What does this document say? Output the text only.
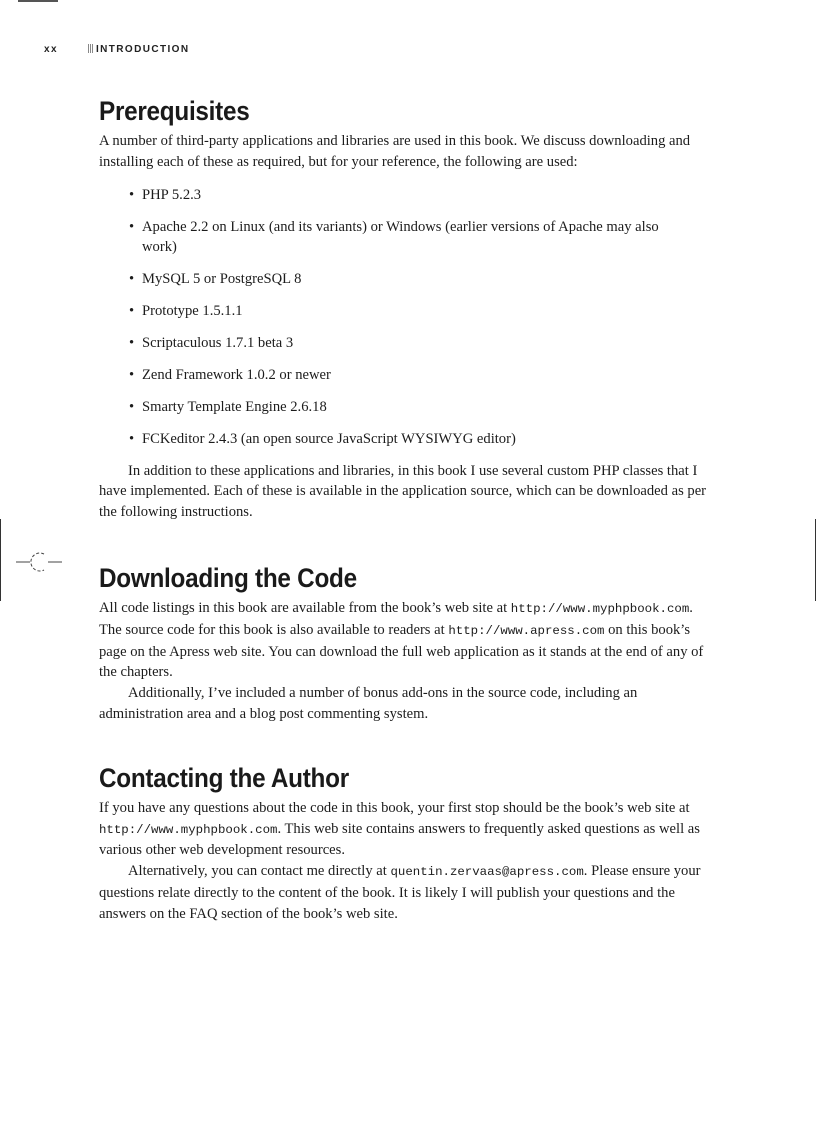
xx	INTRODUCTION
Prerequisites

A number of third-party applications and libraries are used in this book. We discuss downloading and installing each of these as required, but for your reference, the following are used:

• PHP 5.2.3
• Apache 2.2 on Linux (and its variants) or Windows (earlier versions of Apache may also work)
• MySQL 5 or PostgreSQL 8
• Prototype 1.5.1.1
• Scriptaculous 1.7.1 beta 3
• Zend Framework 1.0.2 or newer
• Smarty Template Engine 2.6.18
• FCKeditor 2.4.3 (an open source JavaScript WYSIWYG editor)

In addition to these applications and libraries, in this book I use several custom PHP classes that I have implemented. Each of these is available in the application source, which can be downloaded as per the following instructions.

Downloading the Code

All code listings in this book are available from the book’s web site at http://www.myphpbook.com. The source code for this book is also available to readers at http://www.apress.com on this book’s page on the Apress web site. You can download the full web application as it stands at the end of any of the chapters.

Additionally, I’ve included a number of bonus add-ons in the source code, including an administration area and a blog post commenting system.

Contacting the Author

If you have any questions about the code in this book, your first stop should be the book’s web site at http://www.myphpbook.com. This web site contains answers to frequently asked questions as well as various other web development resources.

Alternatively, you can contact me directly at quentin.zervaas@apress.com. Please ensure your questions relate directly to the content of the book. It is likely I will publish your questions and the answers on the FAQ section of the book’s web site.
